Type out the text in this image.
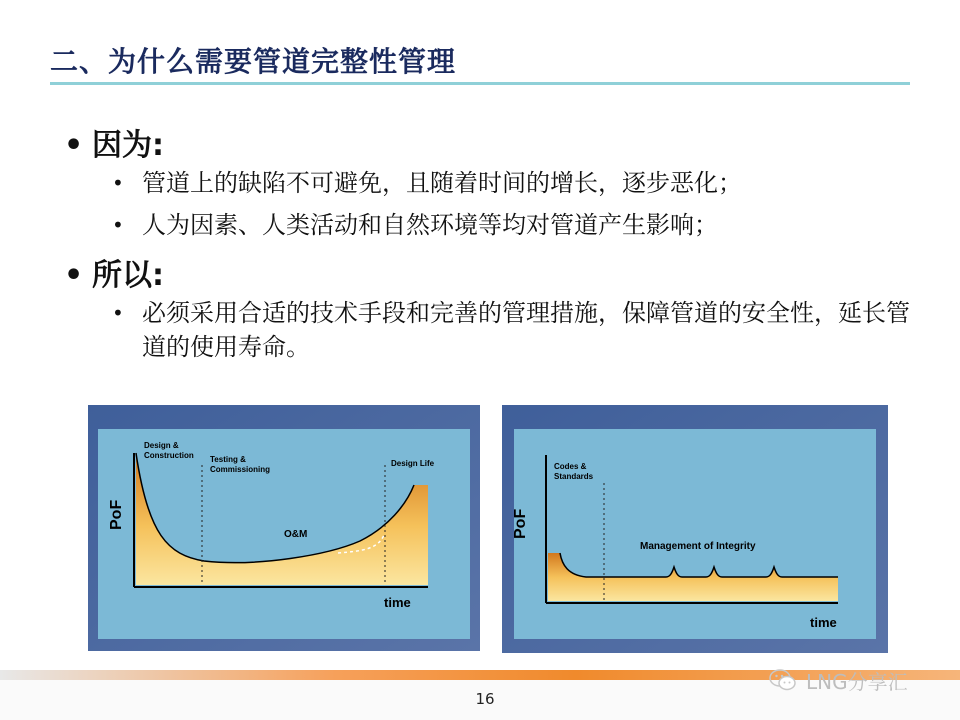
二、为什么需要管道完整性管理
• 因为:
• 管道上的缺陷不可避免，且随着时间的增长，逐步恶化；
• 人为因素、人类活动和自然环境等均对管道产生影响；
• 所以:
• 必须采用合适的技术手段和完善的管理措施，保障管道的安全性，延长管道的使用寿命。
Design &
Construction Testing &
Commissioning
Design Life
O&M
PoF
time
Codes &
Standards
Management of Integrity
PoF
time
16
LNG分享汇
